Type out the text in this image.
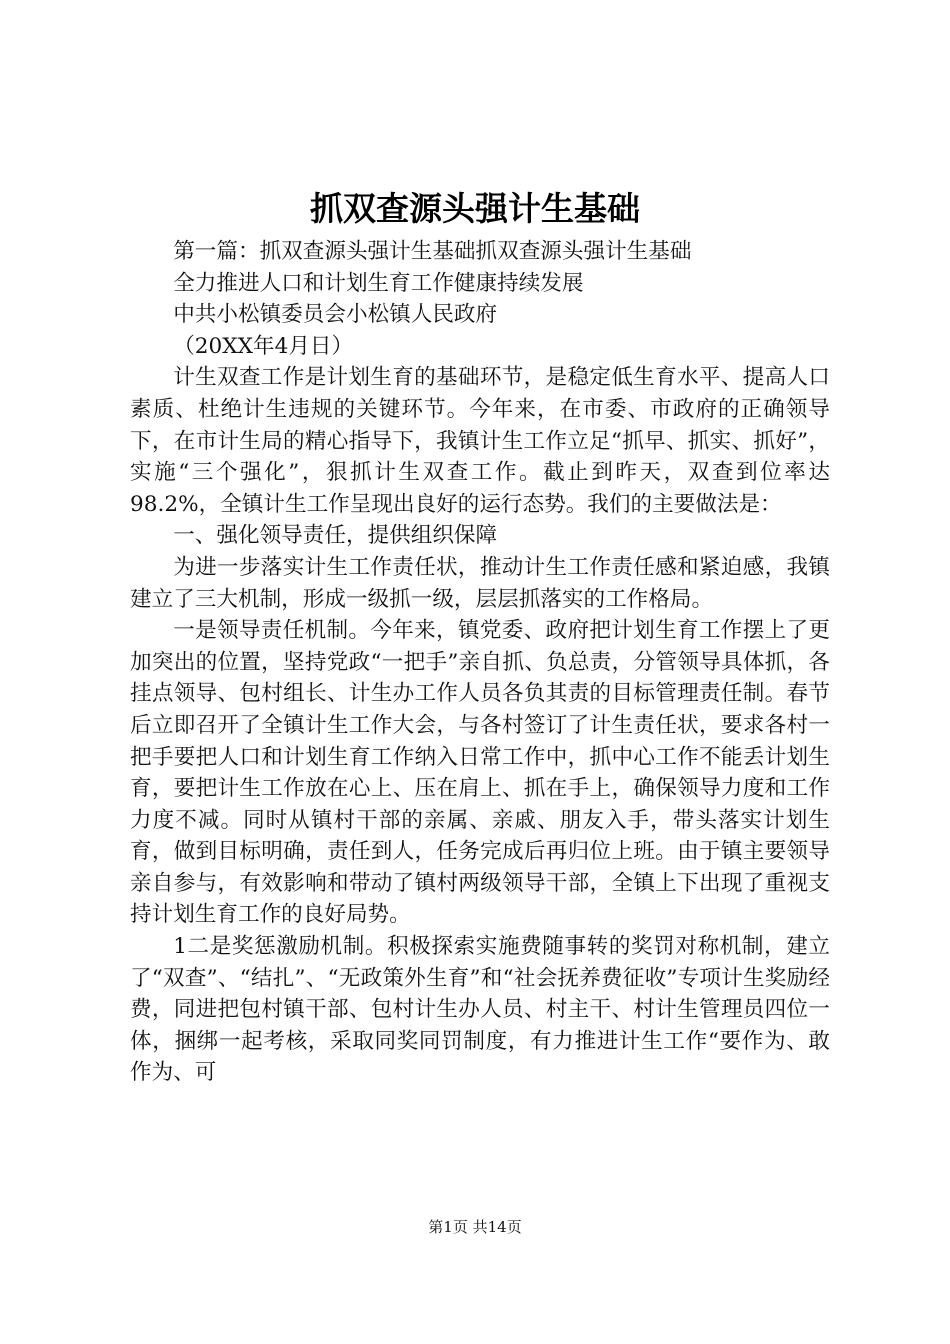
抓双查源头强计生基础

第一篇：抓双查源头强计生基础抓双查源头强计生基础

全力推进人口和计划生育工作健康持续发展

中共小松镇委员会小松镇人民政府

（20XX年4月日）

计生双查工作是计划生育的基础环节，是稳定低生育水平、提高人口素质、杜绝计生违规的关键环节。今年来，在市委、市政府的正确领导下，在市计生局的精心指导下，我镇计生工作立足“抓早、抓实、抓好”，实施“三个强化”，狠抓计生双查工作。截止到昨天，双查到位率达98.2%，全镇计生工作呈现出良好的运行态势。我们的主要做法是：

一、强化领导责任，提供组织保障

为进一步落实计生工作责任状，推动计生工作责任感和紧迫感，我镇建立了三大机制，形成一级抓一级，层层抓落实的工作格局。

一是领导责任机制。今年来，镇党委、政府把计划生育工作摆上了更加突出的位置，坚持党政“一把手”亲自抓、负总责，分管领导具体抓，各挂点领导、包村组长、计生办工作人员各负其责的目标管理责任制。春节后立即召开了全镇计生工作大会，与各村签订了计生责任状，要求各村一把手要把人口和计划生育工作纳入日常工作中，抓中心工作不能丢计划生育，要把计生工作放在心上、压在肩上、抓在手上，确保领导力度和工作力度不减。同时从镇村干部的亲属、亲戚、朋友入手，带头落实计划生育，做到目标明确，责任到人，任务完成后再归位上班。由于镇主要领导亲自参与，有效影响和带动了镇村两级领导干部，全镇上下出现了重视支持计划生育工作的良好局势。

1二是奖惩激励机制。积极探索实施费随事转的奖罚对称机制，建立了“双查”、“结扎”、“无政策外生育”和“社会抚养费征收”专项计生奖励经费，同进把包村镇干部、包村计生办人员、村主干、村计生管理员四位一体，捆绑一起考核，采取同奖同罚制度，有力推进计生工作“要作为、敢作为、可

第1页 共14页
